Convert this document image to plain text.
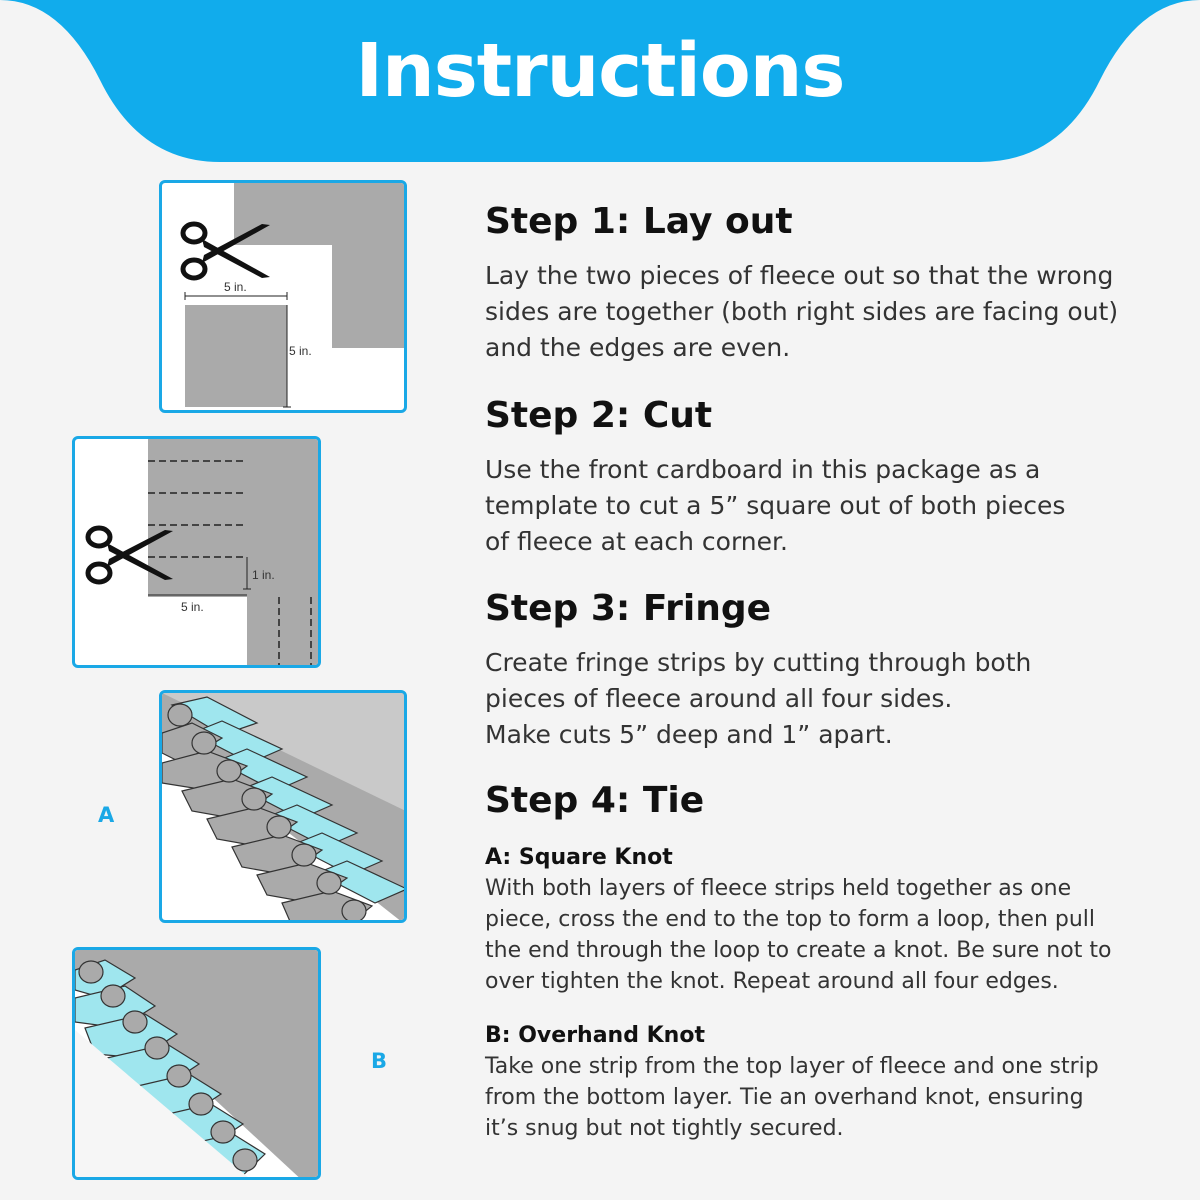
Instructions
5 in.
5 in.
1 in.
5 in.
A
B
Step 1: Lay out

Lay the two pieces of fleece out so that the wrong
sides are together (both right sides are facing out)
and the edges are even.

Step 2: Cut

Use the front cardboard in this package as a
template to cut a 5” square out of both pieces
of fleece at each corner.

Step 3: Fringe

Create fringe strips by cutting through both
pieces of fleece around all four sides.
Make cuts 5” deep and 1” apart.

Step 4: Tie
A: Square Knot

With both layers of fleece strips held together as one
piece, cross the end to the top to form a loop, then pull
the end through the loop to create a knot. Be sure not to
over tighten the knot. Repeat around all four edges.

B: Overhand Knot

Take one strip from the top layer of fleece and one strip
from the bottom layer. Tie an overhand knot, ensuring
it’s snug but not tightly secured.
